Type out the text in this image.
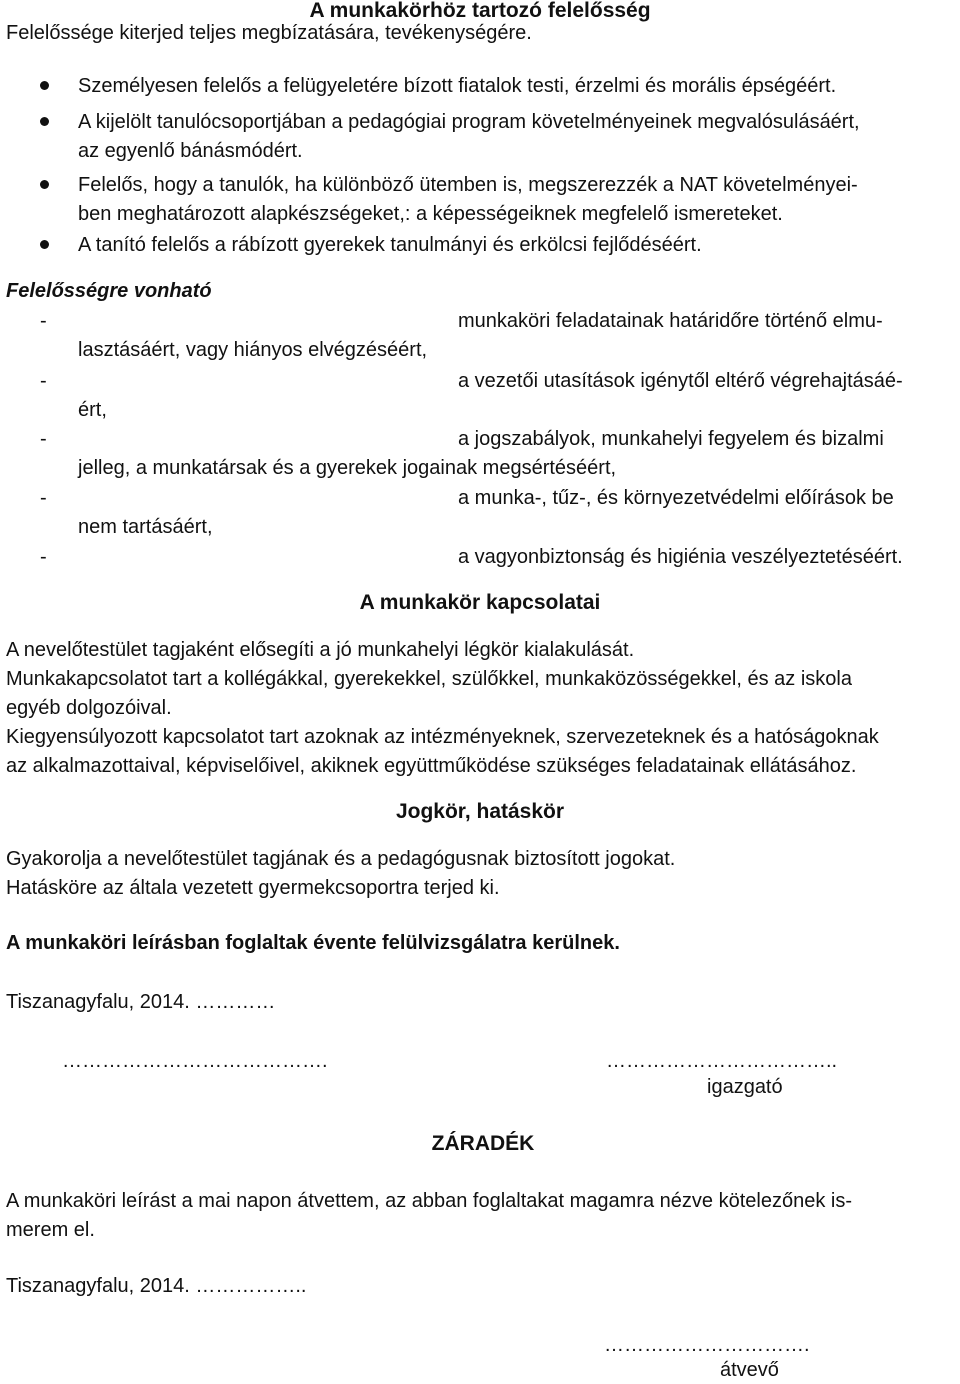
A munkakörhöz tartozó felelősség
Felelőssége kiterjed teljes megbízatására, tevékenységére.
Személyesen felelős a felügyeletére bízott fiatalok testi, érzelmi és morális épségéért.
A kijelölt tanulócsoportjában a pedagógiai program követelményeinek megvalósulásáért,
az egyenlő bánásmódért.
Felelős, hogy a tanulók, ha különböző ütemben is, megszerezzék a NAT követelményei-
ben meghatározott alapkészségeket,: a képességeiknek megfelelő ismereteket.
A tanító felelős a rábízott gyerekek tanulmányi és erkölcsi fejlődéséért.
Felelősségre vonható
-	munkaköri feladatainak határidőre történő elmu-
lasztásáért, vagy hiányos elvégzéséért,
-	a vezetői utasítások igénytől eltérő végrehajtásáé-
ért,
-	a jogszabályok, munkahelyi fegyelem és bizalmi
jelleg, a munkatársak és a gyerekek jogainak megsértéséért,
-	a munka-, tűz-, és környezetvédelmi előírások be
nem tartásáért,
-	a vagyonbiztonság és higiénia veszélyeztetéséért.
A munkakör kapcsolatai
A nevelőtestület tagjaként elősegíti a jó munkahelyi légkör kialakulását.
Munkakapcsolatot tart a kollégákkal, gyerekekkel, szülőkkel, munkaközösségekkel, és az iskola
egyéb dolgozóival.
Kiegyensúlyozott kapcsolatot tart azoknak az intézményeknek, szervezeteknek és a hatóságoknak
az alkalmazottaival, képviselőivel, akiknek együttműködése szükséges feladatainak ellátásához.
Jogkör, hatáskör
Gyakorolja a nevelőtestület tagjának és a pedagógusnak biztosított jogokat.
Hatásköre az általa vezetett gyermekcsoportra terjed ki.
A munkaköri leírásban foglaltak évente felülvizsgálatra kerülnek.
Tiszanagyfalu, 2014. …………
………………………………….	……………………………..
igazgató
ZÁRADÉK
A munkaköri leírást a mai napon átvettem, az abban foglaltakat magamra nézve kötelezőnek is-
merem el.
Tiszanagyfalu, 2014. ……………..
………………………….
átvevő
